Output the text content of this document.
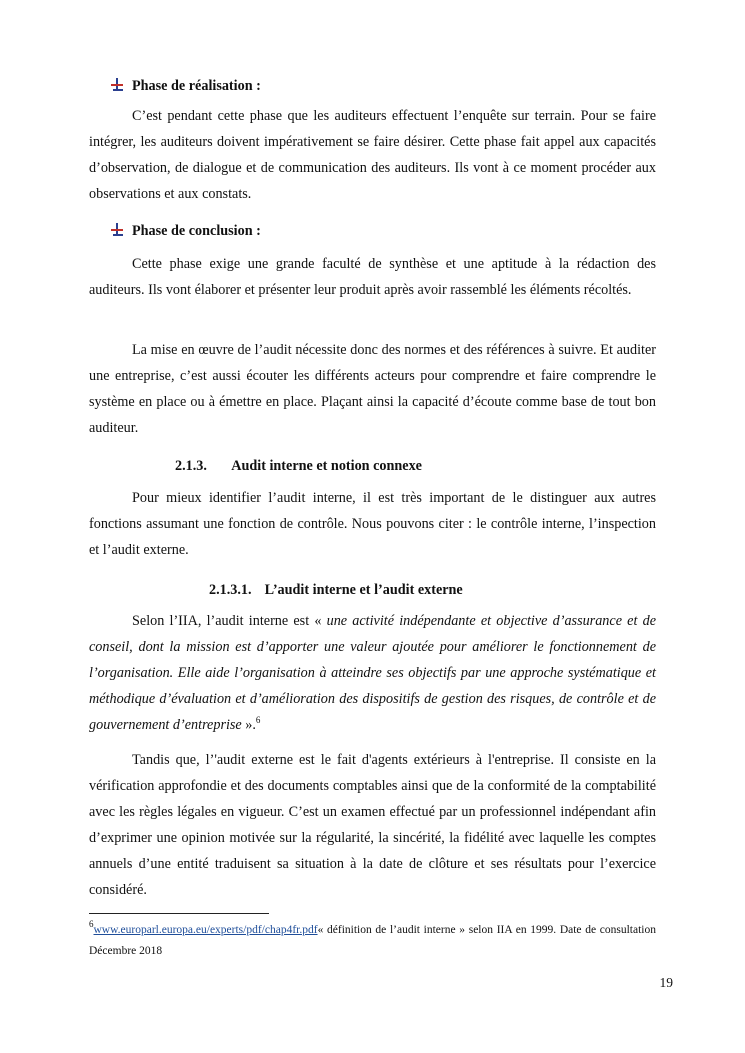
Phase de réalisation :

C’est pendant cette phase que les auditeurs effectuent l’enquête sur terrain. Pour se faire intégrer, les auditeurs doivent impérativement se faire désirer. Cette phase fait appel aux capacités d’observation, de dialogue et de communication des auditeurs. Ils vont à ce moment procéder aux observations et aux constats.

Phase de conclusion :

Cette phase exige une grande faculté de synthèse et une aptitude à la rédaction des auditeurs. Ils vont élaborer et présenter leur produit après avoir rassemblé les éléments récoltés.

La mise en œuvre de l’audit nécessite donc des normes et des références à suivre. Et auditer une entreprise, c’est aussi écouter les différents acteurs pour comprendre et faire comprendre le système en place ou à émettre en place. Plaçant ainsi la capacité d’écoute comme base de tout bon auditeur.

2.1.3. Audit interne et notion connexe

Pour mieux identifier l’audit interne, il est très important de le distinguer aux autres fonctions assumant une fonction de contrôle. Nous pouvons citer : le contrôle interne, l’inspection et l’audit externe.

2.1.3.1. L’audit interne et l’audit externe

Selon l’IIA, l’audit interne est « une activité indépendante et objective d’assurance et de conseil, dont la mission est d’apporter une valeur ajoutée pour améliorer le fonctionnement de l’organisation. Elle aide l’organisation à atteindre ses objectifs par une approche systématique et méthodique d’évaluation et d’amélioration des dispositifs de gestion des risques, de contrôle et de gouvernement d’entreprise ».$^6$

Tandis que, l’'audit externe est le fait d'agents extérieurs à l'entreprise. Il consiste en la vérification approfondie et des documents comptables ainsi que de la conformité de la comptabilité avec les règles légales en vigueur. C’est un examen effectué par un professionnel indépendant afin d’exprimer une opinion motivée sur la régularité, la sincérité, la fidélité avec laquelle les comptes annuels d’une entité traduisent sa situation à la date de clôture et ses résultats pour l’exercice considéré.

$^6$www.europarl.europa.eu/experts/pdf/chap4fr.pdf« définition de l’audit interne » selon IIA en 1999. Date de consultation Décembre 2018
19
